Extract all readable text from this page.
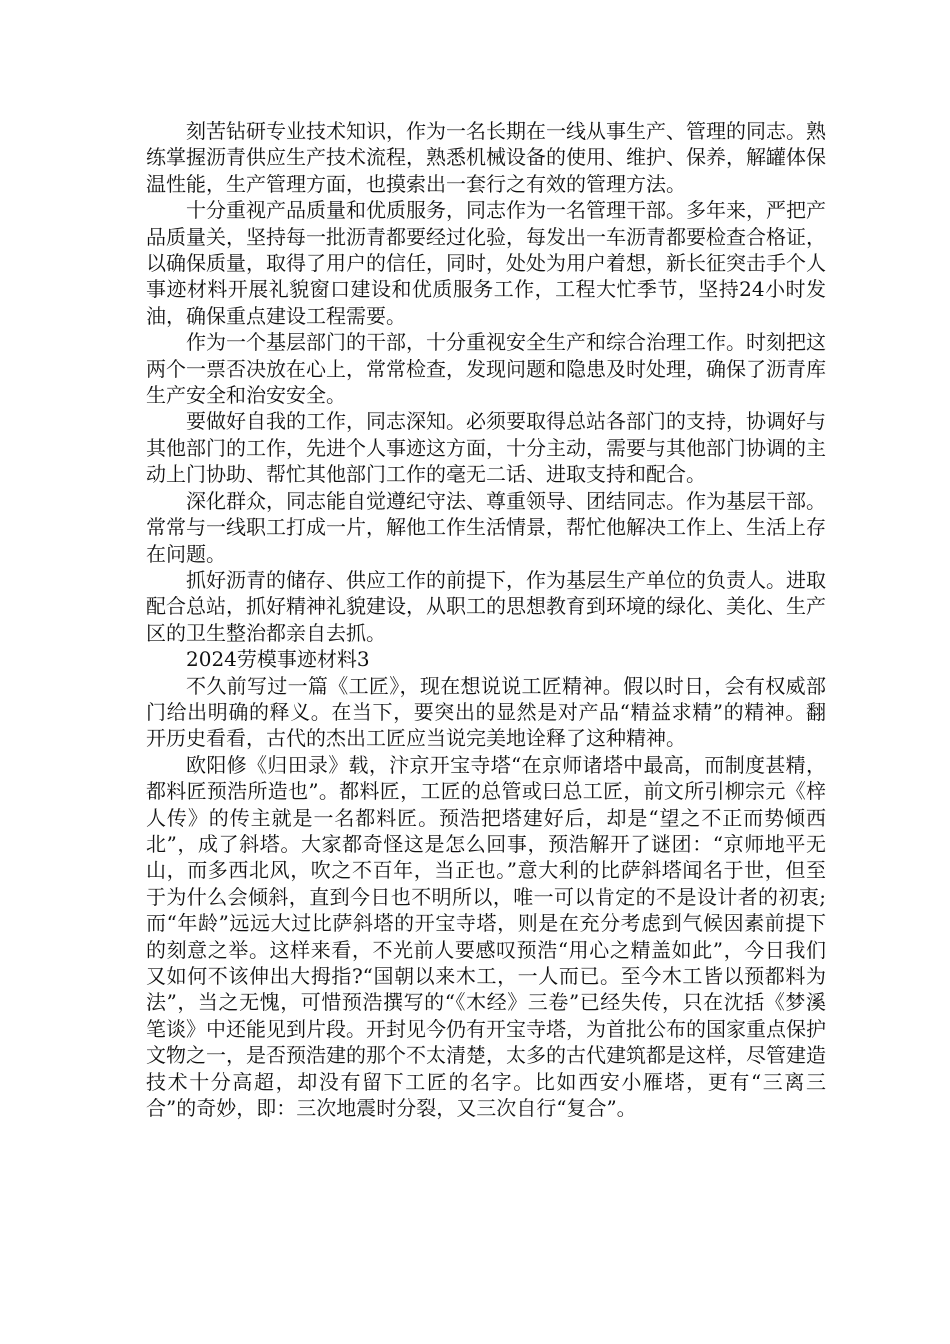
刻苦钻研专业技术知识，作为一名长期在一线从事生产、管理的同志。熟练掌握沥青供应生产技术流程，熟悉机械设备的使用、维护、保养，解罐体保温性能，生产管理方面，也摸索出一套行之有效的管理方法。

十分重视产品质量和优质服务，同志作为一名管理干部。多年来，严把产品质量关，坚持每一批沥青都要经过化验，每发出一车沥青都要检查合格证，以确保质量，取得了用户的信任，同时，处处为用户着想，新长征突击手个人事迹材料开展礼貌窗口建设和优质服务工作，工程大忙季节，坚持24小时发油，确保重点建设工程需要。

作为一个基层部门的干部，十分重视安全生产和综合治理工作。时刻把这两个一票否决放在心上，常常检查，发现问题和隐患及时处理，确保了沥青库生产安全和治安安全。

要做好自我的工作，同志深知。必须要取得总站各部门的支持，协调好与其他部门的工作，先进个人事迹这方面，十分主动，需要与其他部门协调的主动上门协助、帮忙其他部门工作的毫无二话、进取支持和配合。

深化群众，同志能自觉遵纪守法、尊重领导、团结同志。作为基层干部。常常与一线职工打成一片，解他工作生活情景，帮忙他解决工作上、生活上存在问题。

抓好沥青的储存、供应工作的前提下，作为基层生产单位的负责人。进取配合总站，抓好精神礼貌建设，从职工的思想教育到环境的绿化、美化、生产区的卫生整治都亲自去抓。

2024劳模事迹材料3

不久前写过一篇《工匠》，现在想说说工匠精神。假以时日，会有权威部门给出明确的释义。在当下，要突出的显然是对产品“精益求精”的精神。翻开历史看看，古代的杰出工匠应当说完美地诠释了这种精神。

欧阳修《归田录》载，汴京开宝寺塔“在京师诸塔中最高，而制度甚精，都料匠预浩所造也”。都料匠，工匠的总管或曰总工匠，前文所引柳宗元《梓人传》的传主就是一名都料匠。预浩把塔建好后，却是“望之不正而势倾西北”，成了斜塔。大家都奇怪这是怎么回事，预浩解开了谜团：“京师地平无山，而多西北风，吹之不百年，当正也。”意大利的比萨斜塔闻名于世，但至于为什么会倾斜，直到今日也不明所以，唯一可以肯定的不是设计者的初衷;而“年龄”远远大过比萨斜塔的开宝寺塔，则是在充分考虑到气候因素前提下的刻意之举。这样来看，不光前人要感叹预浩“用心之精盖如此”，今日我们又如何不该伸出大拇指?“国朝以来木工，一人而已。至今木工皆以预都料为法”，当之无愧，可惜预浩撰写的“《木经》三卷”已经失传，只在沈括《梦溪笔谈》中还能见到片段。开封见今仍有开宝寺塔，为首批公布的国家重点保护文物之一，是否预浩建的那个不太清楚，太多的古代建筑都是这样，尽管建造技术十分高超，却没有留下工匠的名字。比如西安小雁塔，更有“三离三合”的奇妙，即：三次地震时分裂，又三次自行“复合”。
